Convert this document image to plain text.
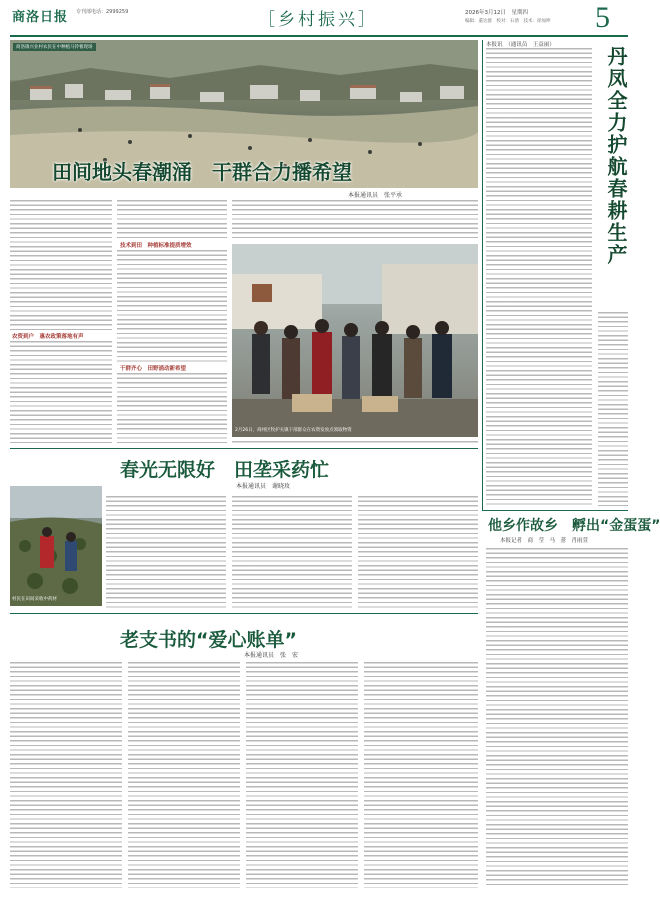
商洛日报 专刊部电话：2999259	［乡村振兴］	2026年3月12日　星期四
编辑：董达群　校对：石倩　技术：徐加坤 5
商洛镇兴业村农民在中种植马铃薯现场
田间地头春潮涌　干群合力播希望
本报通讯员　张平承
农资到户　惠农政策落地有声
技术到田　种植标准提质增效
干群齐心　田野涌动新希望
2月26日，商州区牧护关镇干部群众在农资发放点领取物资
本报讯　（通讯员　王益丽）
丹凤全力护航春耕生产
春光无限好　田垄采药忙
本报通讯员　谢晓玫
村民在田间采收中药材
他乡作故乡　孵出“金蛋蛋”
本报记者　商　莹　马　薏　肖雨萱
老支书的“爱心账单”
本报通讯员　张　宏
